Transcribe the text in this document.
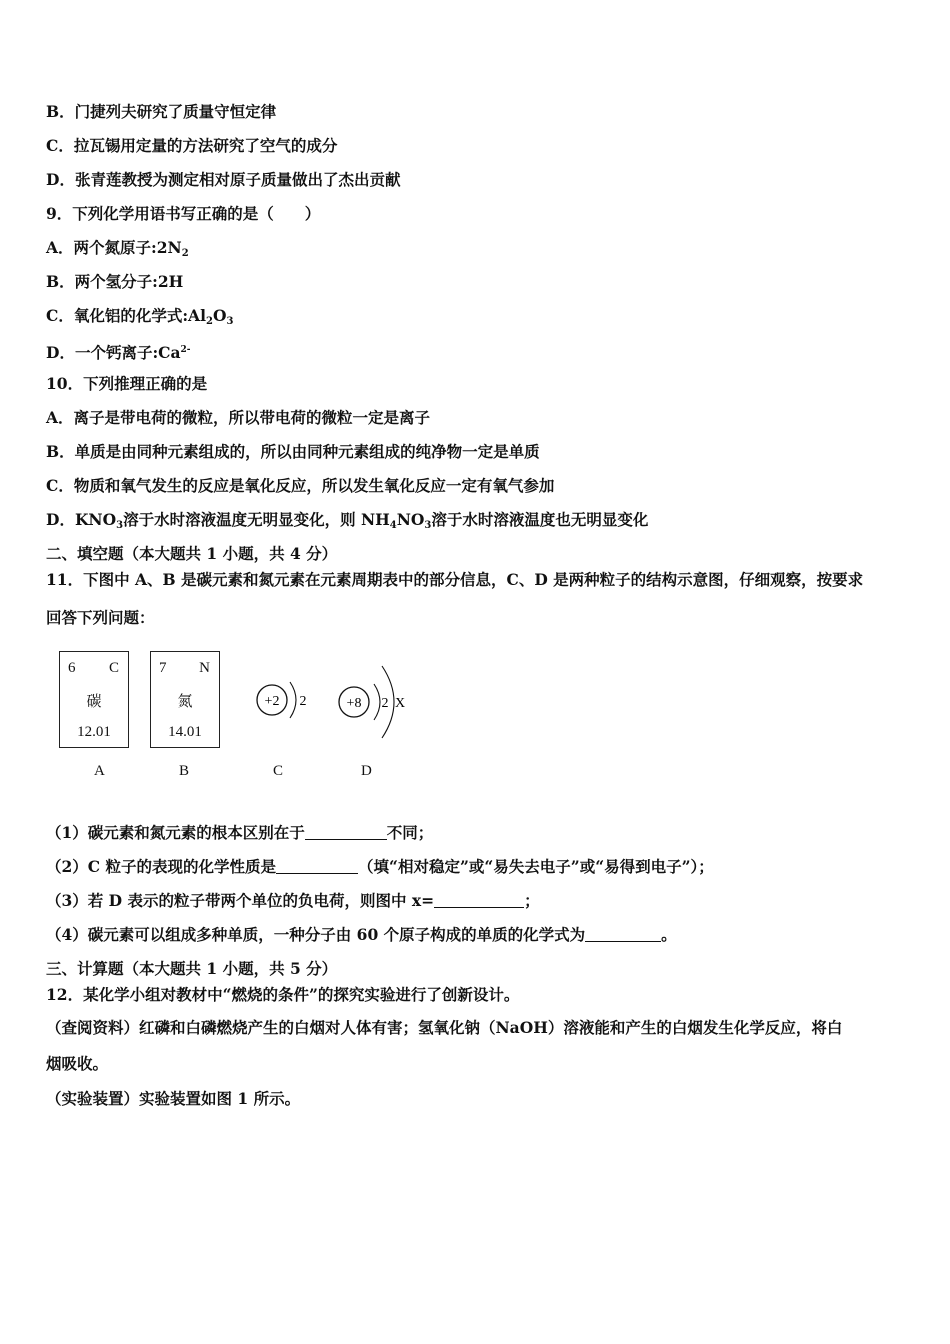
B．门捷列夫研究了质量守恒定律
C．拉瓦锡用定量的方法研究了空气的成分
D．张青莲教授为测定相对原子质量做出了杰出贡献
9．下列化学用语书写正确的是（　　）
A．两个氮原子$:2N_2$
B．两个氢分子:2H
C．氧化铝的化学式$:Al_2O_3$
D．一个钙离子$:Ca^{2-}$
10．下列推理正确的是
A．离子是带电荷的微粒，所以带电荷的微粒一定是离子
B．单质是由同种元素组成的，所以由同种元素组成的纯净物一定是单质
C．物质和氧气发生的反应是氧化反应，所以发生氧化反应一定有氧气参加
D．$KNO_3$溶于水时溶液温度无明显变化，则 $NH_4NO_3$溶于水时溶液温度也无明显变化
二、填空题（本大题共 1 小题，共 4 分）
11．下图中 A、B 是碳元素和氮元素在元素周期表中的部分信息，C、D 是两种粒子的结构示意图，仔细观察，按要求
回答下列问题：
6 C
碳
12.01
7 N
氮
14.01
+2 2	+8 2 X
A	B	C	D
（1）碳元素和氮元素的根本区别在于	不同；
（2）C 粒子的表现的化学性质是	（填“相对稳定”或“易失去电子”或“易得到电子”）；
（3）若 D 表示的粒子带两个单位的负电荷，则图中 x=	；
（4）碳元素可以组成多种单质，一种分子由 60 个原子构成的单质的化学式为	。
三、计算题（本大题共 1 小题，共 5 分）
12．某化学小组对教材中“燃烧的条件”的探究实验进行了创新设计。
（查阅资料）红磷和白磷燃烧产生的白烟对人体有害；氢氧化钠（NaOH）溶液能和产生的白烟发生化学反应，将白
烟吸收。
（实验装置）实验装置如图 1 所示。
